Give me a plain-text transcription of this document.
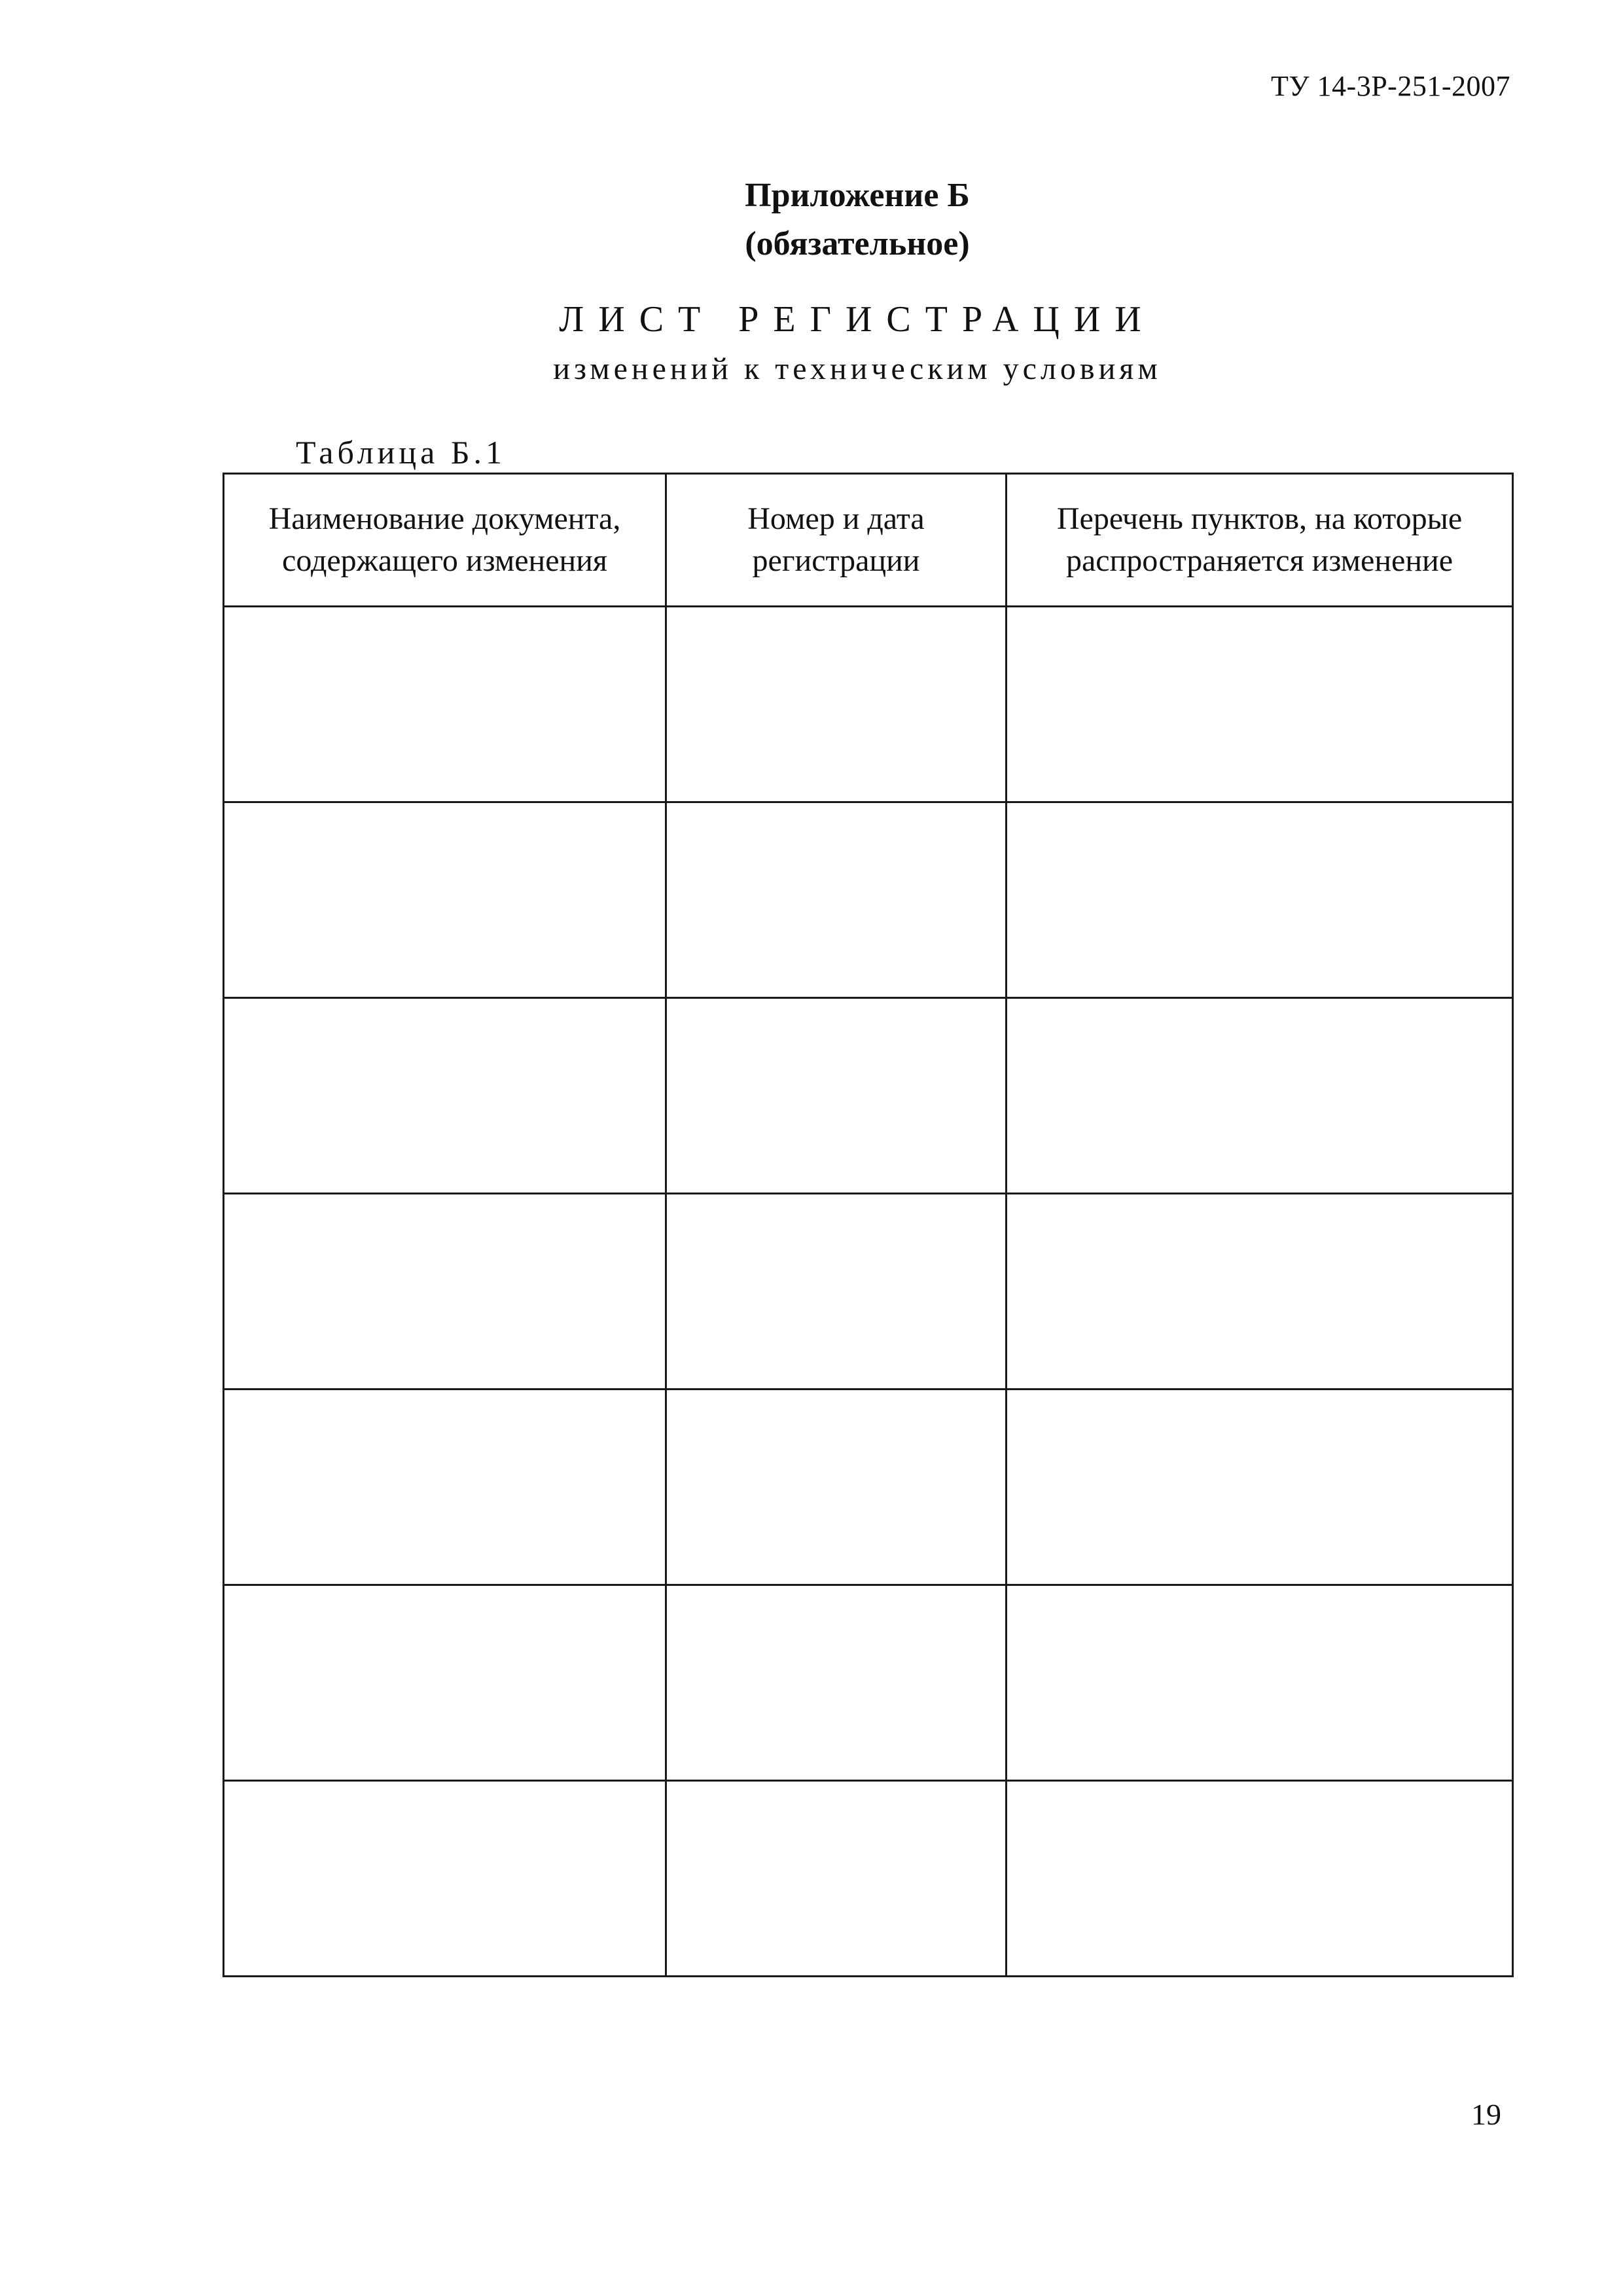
ТУ 14-3Р-251-2007
Приложение Б
(обязательное)
ЛИСТ РЕГИСТРАЦИИ
изменений к техническим условиям
Таблица Б.1
Наименование документа, содержащего изменения	Номер и дата регистрации	Перечень пунктов, на которые распространяется изменение

19
